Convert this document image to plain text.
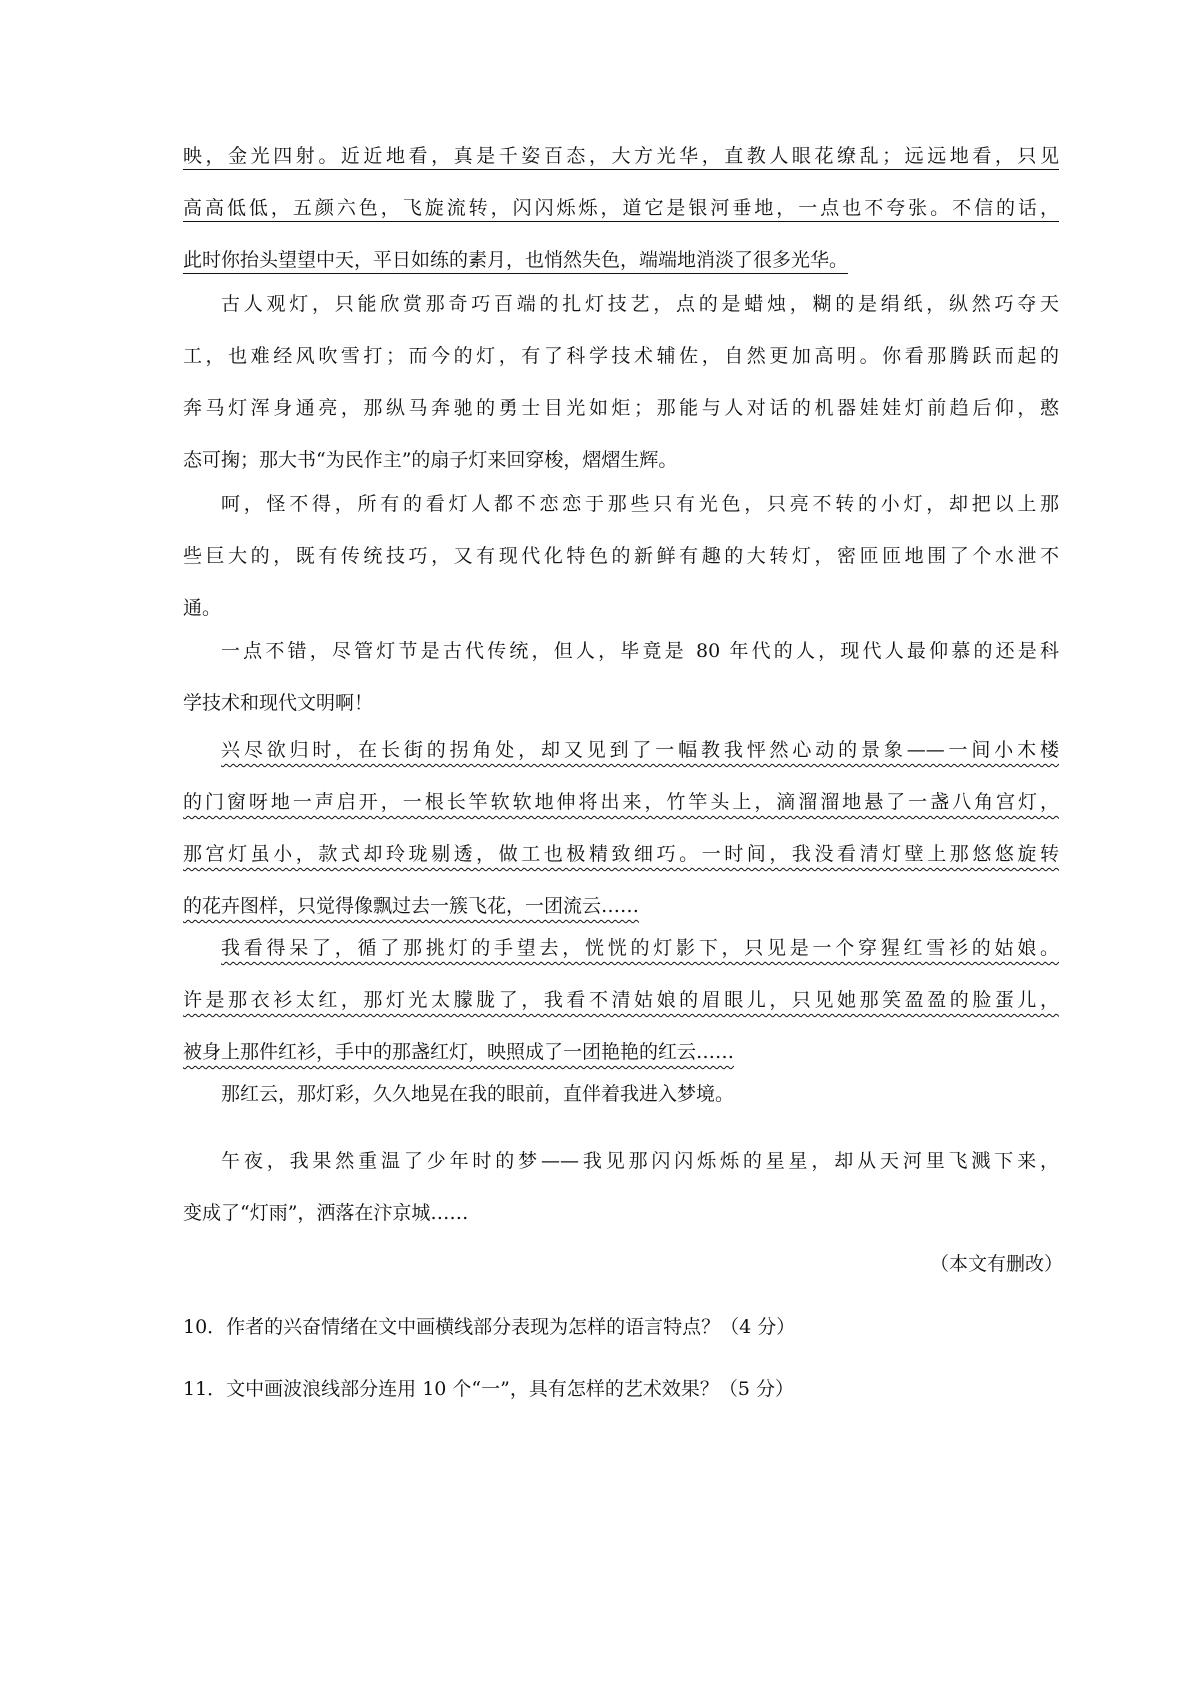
映，金光四射。近近地看，真是千姿百态，大方光华，直教人眼花缭乱；远远地看，只见
高高低低，五颜六色，飞旋流转，闪闪烁烁，道它是银河垂地，一点也不夸张。不信的话，
此时你抬头望望中天，平日如练的素月，也悄然失色，端端地消淡了很多光华。
古人观灯，只能欣赏那奇巧百端的扎灯技艺，点的是蜡烛，糊的是绢纸，纵然巧夺天
工，也难经风吹雪打；而今的灯，有了科学技术辅佐，自然更加高明。你看那腾跃而起的
奔马灯浑身通亮，那纵马奔驰的勇士目光如炬；那能与人对话的机器娃娃灯前趋后仰，憨
态可掬；那大书“为民作主”的扇子灯来回穿梭，熠熠生辉。
呵，怪不得，所有的看灯人都不恋恋于那些只有光色，只亮不转的小灯，却把以上那
些巨大的，既有传统技巧，又有现代化特色的新鲜有趣的大转灯，密匝匝地围了个水泄不
通。
一点不错，尽管灯节是古代传统，但人，毕竟是 80 年代的人，现代人最仰慕的还是科
学技术和现代文明啊！
兴尽欲归时，在长街的拐角处，却又见到了一幅教我怦然心动的景象——一间小木楼
的门窗呀地一声启开，一根长竿软软地伸将出来，竹竿头上，滴溜溜地悬了一盏八角宫灯，
那宫灯虽小，款式却玲珑剔透，做工也极精致细巧。一时间，我没看清灯壁上那悠悠旋转
的花卉图样，只觉得像飘过去一簇飞花，一团流云……
我看得呆了，循了那挑灯的手望去，恍恍的灯影下，只见是一个穿猩红雪衫的姑娘。
许是那衣衫太红，那灯光太朦胧了，我看不清姑娘的眉眼儿，只见她那笑盈盈的脸蛋儿，
被身上那件红衫，手中的那盏红灯，映照成了一团艳艳的红云……
那红云，那灯彩，久久地晃在我的眼前，直伴着我进入梦境。
午夜，我果然重温了少年时的梦——我见那闪闪烁烁的星星，却从天河里飞溅下来，
变成了“灯雨”，洒落在汴京城……
（本文有删改）
10．作者的兴奋情绪在文中画横线部分表现为怎样的语言特点？（4 分）
11．文中画波浪线部分连用 10 个“一”，具有怎样的艺术效果？（5 分）
